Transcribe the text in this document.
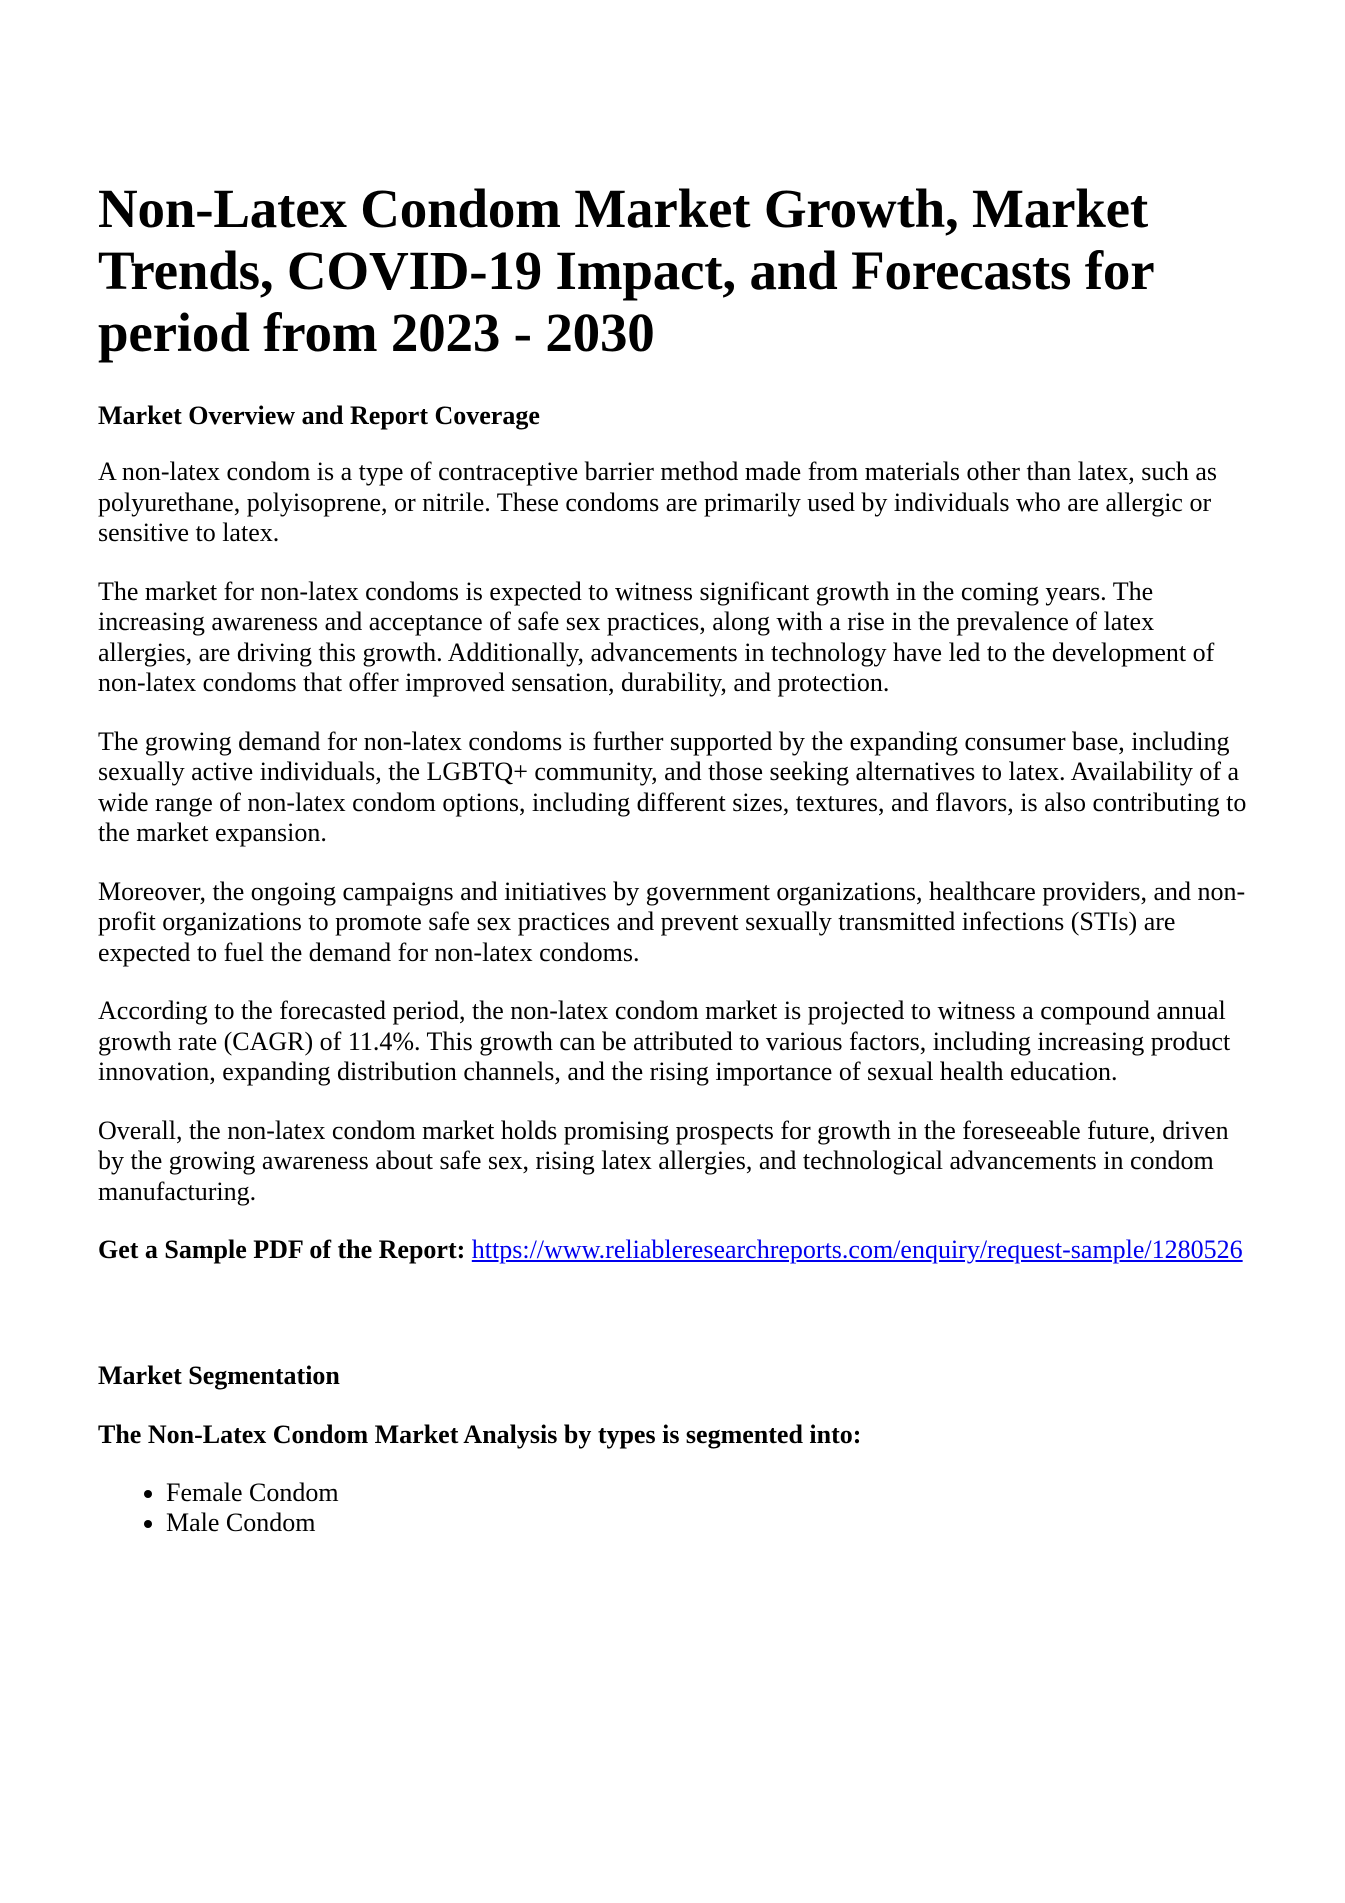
Non-Latex Condom Market Growth, Market Trends, COVID-19 Impact, and Forecasts for period from 2023 - 2030
Market Overview and Report Coverage

A non-latex condom is a type of contraceptive barrier method made from materials other than latex, such as polyurethane, polyisoprene, or nitrile. These condoms are primarily used by individuals who are allergic or sensitive to latex.

The market for non-latex condoms is expected to witness significant growth in the coming years. The increasing awareness and acceptance of safe sex practices, along with a rise in the prevalence of latex allergies, are driving this growth. Additionally, advancements in technology have led to the development of non-latex condoms that offer improved sensation, durability, and protection.

The growing demand for non-latex condoms is further supported by the expanding consumer base, including sexually active individuals, the LGBTQ+ community, and those seeking alternatives to latex. Availability of a wide range of non-latex condom options, including different sizes, textures, and flavors, is also contributing to the market expansion.

Moreover, the ongoing campaigns and initiatives by government organizations, healthcare providers, and non-profit organizations to promote safe sex practices and prevent sexually transmitted infections (STIs) are expected to fuel the demand for non-latex condoms.

According to the forecasted period, the non-latex condom market is projected to witness a compound annual growth rate (CAGR) of 11.4%. This growth can be attributed to various factors, including increasing product innovation, expanding distribution channels, and the rising importance of sexual health education.

Overall, the non-latex condom market holds promising prospects for growth in the foreseeable future, driven by the growing awareness about safe sex, rising latex allergies, and technological advancements in condom manufacturing.

Get a Sample PDF of the Report: https://www.reliableresearchreports.com/enquiry/request-sample/1280526
Market Segmentation
The Non-Latex Condom Market Analysis by types is segmented into:
• Female Condom
• Male Condom
